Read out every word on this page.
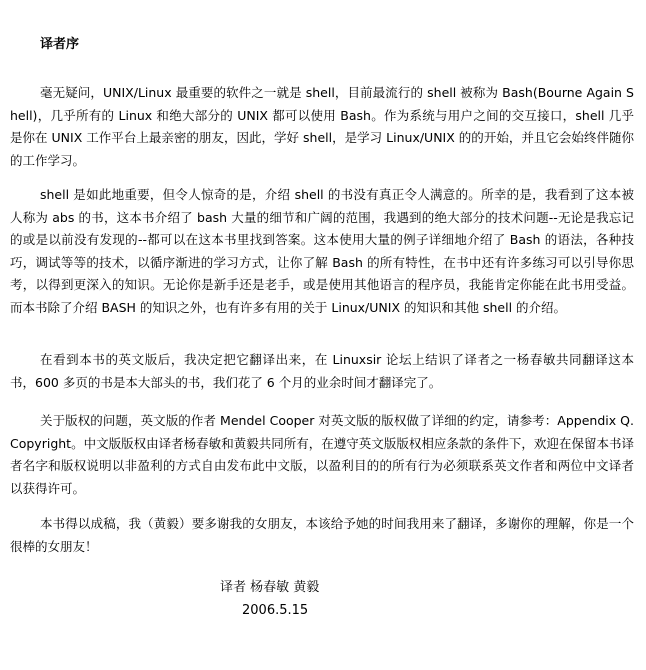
译者序

毫无疑问，UNIX/Linux 最重要的软件之一就是 shell，目前最流行的 shell 被称为 Bash(Bourne Again Shell)，几乎所有的 Linux 和绝大部分的 UNIX 都可以使用 Bash。作为系统与用户之间的交互接口，shell 几乎是你在 UNIX 工作平台上最亲密的朋友，因此，学好 shell，是学习 Linux/UNIX 的的开始，并且它会始终伴随你的工作学习。

shell 是如此地重要，但令人惊奇的是，介绍 shell 的书没有真正令人满意的。所幸的是，我看到了这本被人称为 abs 的书，这本书介绍了 bash 大量的细节和广阔的范围，我遇到的绝大部分的技术问题--无论是我忘记的或是以前没有发现的--都可以在这本书里找到答案。这本使用大量的例子详细地介绍了 Bash 的语法，各种技巧，调试等等的技术，以循序渐进的学习方式，让你了解 Bash 的所有特性，在书中还有许多练习可以引导你思考，以得到更深入的知识。无论你是新手还是老手，或是使用其他语言的程序员，我能肯定你能在此书用受益。而本书除了介绍 BASH 的知识之外，也有许多有用的关于 Linux/UNIX 的知识和其他 shell 的介绍。

在看到本书的英文版后，我决定把它翻译出来，在 Linuxsir 论坛上结识了译者之一杨春敏共同翻译这本书，600 多页的书是本大部头的书，我们花了 6 个月的业余时间才翻译完了。

关于版权的问题，英文版的作者 Mendel Cooper 对英文版的版权做了详细的约定，请参考：Appendix Q. Copyright。中文版版权由译者杨春敏和黄毅共同所有，在遵守英文版版权相应条款的条件下，欢迎在保留本书译者名字和版权说明以非盈利的方式自由发布此中文版，以盈利目的的所有行为必须联系英文作者和两位中文译者以获得许可。

本书得以成稿，我（黄毅）要多谢我的女朋友，本该给予她的时间我用来了翻译，多谢你的理解，你是一个很棒的女朋友！

译者 杨春敏 黄毅

2006.5.15
